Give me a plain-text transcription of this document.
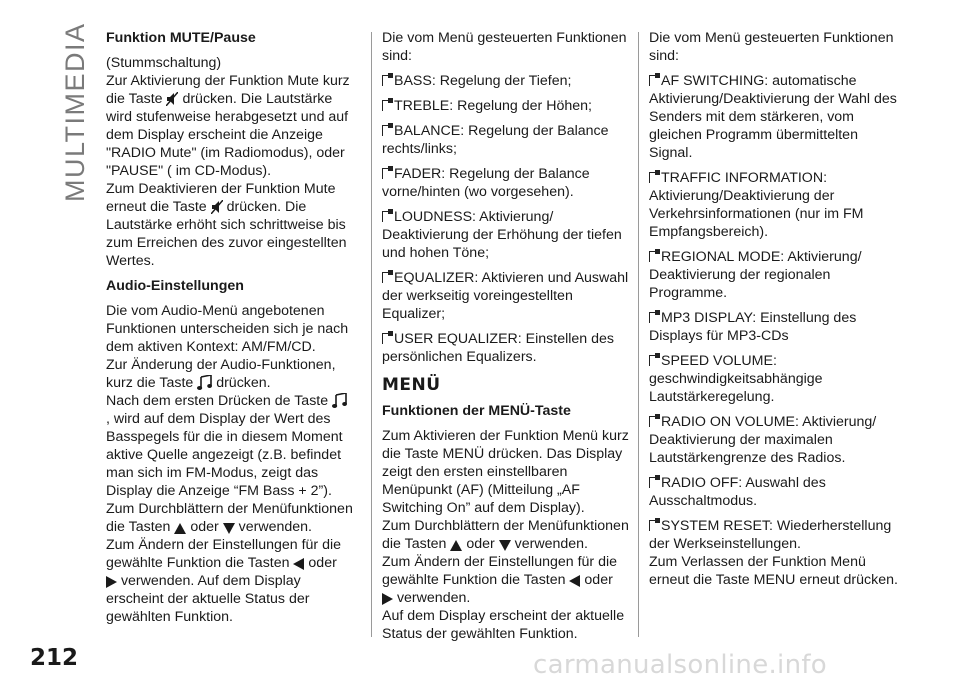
MULTIMEDIA Funktion MUTE/Pause

(Stummschaltung)

Zur Aktivierung der Funktion Mute kurz die Taste drücken. Die Lautstärke wird stufenweise herabgesetzt und auf dem Display erscheint die Anzeige "RADIO Mute" (im Radiomodus), oder "PAUSE" ( im CD-Modus).

Zum Deaktivieren der Funktion Mute erneut die Taste drücken. Die Lautstärke erhöht sich schrittweise bis zum Erreichen des zuvor eingestellten Wertes.

Audio-Einstellungen

Die vom Audio-Menü angebotenen Funktionen unterscheiden sich je nach dem aktiven Kontext: AM/FM/CD.

Zur Änderung der Audio-Funktionen, kurz die Taste drücken.

Nach dem ersten Drücken de Taste  , wird auf dem Display der Wert des Basspegels für die in diesem Moment aktive Quelle angezeigt (z.B. befindet man sich im FM-Modus, zeigt das Display die Anzeige “FM Bass + 2”).

Zum Durchblättern der Menüfunktionen die Tasten oder verwenden.

Zum Ändern der Einstellungen für die gewählte Funktion die Tasten oder
verwenden. Auf dem Display erscheint der aktuelle Status der gewählten Funktion.

Die vom Menü gesteuerten Funktionen sind:

BASS: Regelung der Tiefen;

TREBLE: Regelung der Höhen;

BALANCE: Regelung der Balance rechts/links;

FADER: Regelung der Balance vorne/hinten (wo vorgesehen).

LOUDNESS: Aktivierung/ Deaktivierung der Erhöhung der tiefen und hohen Töne;

EQUALIZER: Aktivieren und Auswahl der werkseitig voreingestellten Equalizer;

USER EQUALIZER: Einstellen des persönlichen Equalizers.

MENÜ

Funktionen der MENÜ-Taste

Zum Aktivieren der Funktion Menü kurz die Taste MENÜ drücken. Das Display zeigt den ersten einstellbaren Menüpunkt (AF) (Mitteilung „AF Switching On” auf dem Display).

Zum Durchblättern der Menüfunktionen die Tasten oder verwenden.

Zum Ändern der Einstellungen für die gewählte Funktion die Tasten oder
verwenden.

Auf dem Display erscheint der aktuelle Status der gewählten Funktion.

Die vom Menü gesteuerten Funktionen sind:

AF SWITCHING: automatische Aktivierung/Deaktivierung der Wahl des Senders mit dem stärkeren, vom gleichen Programm übermittelten Signal.

TRAFFIC INFORMATION: Aktivierung/Deaktivierung der Verkehrsinformationen (nur im FM Empfangsbereich).

REGIONAL MODE: Aktivierung/ Deaktivierung der regionalen Programme.

MP3 DISPLAY: Einstellung des Displays für MP3-CDs

SPEED VOLUME: geschwindigkeitsabhängige Lautstärkeregelung.

RADIO ON VOLUME: Aktivierung/ Deaktivierung der maximalen Lautstärkengrenze des Radios.

RADIO OFF: Auswahl des Ausschaltmodus.

SYSTEM RESET: Wiederherstellung der Werkseinstellungen.

Zum Verlassen der Funktion Menü erneut die Taste MENU erneut drücken.

212	carmanualsonline.info
